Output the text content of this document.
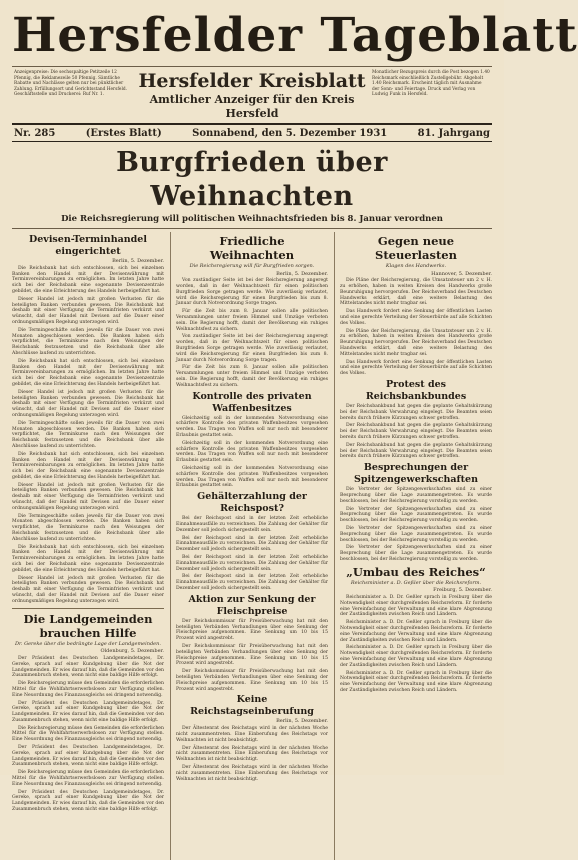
Hersfelder Tageblatt
Anzeigenpreise: Die sechsspaltige Petitzeile 12 Pfennig, die Reklamezeile 50 Pfennig. Sämtliche Rabatte und Nachlässe gelten nur bei pünktlicher Zahlung. Erfüllungsort und Gerichtsstand Hersfeld. Geschäftsstelle und Druckerei: Ruf Nr. 1.
Hersfelder Kreisblatt
Amtlicher Anzeiger für den Kreis Hersfeld
Monatlicher Bezugspreis durch die Post bezogen 1.40 Reichsmark einschließlich Zustellgebühr. Abgeholt 1.40 Reichsmark. Erscheint täglich mit Ausnahme der Sonn- und Feiertage. Druck und Verlag von Ludwig Funk in Hersfeld.
Nr. 285	(Erstes Blatt)	Sonnabend, den 5. Dezember 1931	81. Jahrgang
Burgfrieden über Weihnachten
Die Reichsregierung will politischen Weihnachtsfrieden bis 8. Januar verordnen
Devisen-Terminhandel eingerichtet
Berlin, 5. Dezember.

Die Reichsbank hat sich entschlossen, sich bei einzelnen Banken den Handel mit der Devisenwährung mit Terminvereinbarungen zu ermöglichen. Im letzten Jahre hatte sich bei der Reichsbank eine sogenannte Devisenzentrale gebildet, die eine Erleichterung des Handels herbeigeführt hat.

Dieser Handel ist jedoch mit großen Verlusten für die beteiligten Banken verbunden gewesen. Die Reichsbank hat deshalb mit einer Verfügung die Terminfristen verkürzt und wünscht, daß der Handel mit Devisen auf die Dauer einer ordnungsmäßigen Regelung unterzogen wird.

Die Termingeschäfte sollen jeweils für die Dauer von zwei Monaten abgeschlossen werden. Die Banken haben sich verpflichtet, die Terminkurse nach den Weisungen der Reichsbank festzusetzen und die Reichsbank über alle Abschlüsse laufend zu unterrichten.

Die Reichsbank hat sich entschlossen, sich bei einzelnen Banken den Handel mit der Devisenwährung mit Terminvereinbarungen zu ermöglichen. Im letzten Jahre hatte sich bei der Reichsbank eine sogenannte Devisenzentrale gebildet, die eine Erleichterung des Handels herbeigeführt hat.

Dieser Handel ist jedoch mit großen Verlusten für die beteiligten Banken verbunden gewesen. Die Reichsbank hat deshalb mit einer Verfügung die Terminfristen verkürzt und wünscht, daß der Handel mit Devisen auf die Dauer einer ordnungsmäßigen Regelung unterzogen wird.

Die Termingeschäfte sollen jeweils für die Dauer von zwei Monaten abgeschlossen werden. Die Banken haben sich verpflichtet, die Terminkurse nach den Weisungen der Reichsbank festzusetzen und die Reichsbank über alle Abschlüsse laufend zu unterrichten.

Die Reichsbank hat sich entschlossen, sich bei einzelnen Banken den Handel mit der Devisenwährung mit Terminvereinbarungen zu ermöglichen. Im letzten Jahre hatte sich bei der Reichsbank eine sogenannte Devisenzentrale gebildet, die eine Erleichterung des Handels herbeigeführt hat.

Dieser Handel ist jedoch mit großen Verlusten für die beteiligten Banken verbunden gewesen. Die Reichsbank hat deshalb mit einer Verfügung die Terminfristen verkürzt und wünscht, daß der Handel mit Devisen auf die Dauer einer ordnungsmäßigen Regelung unterzogen wird.

Die Termingeschäfte sollen jeweils für die Dauer von zwei Monaten abgeschlossen werden. Die Banken haben sich verpflichtet, die Terminkurse nach den Weisungen der Reichsbank festzusetzen und die Reichsbank über alle Abschlüsse laufend zu unterrichten.

Die Reichsbank hat sich entschlossen, sich bei einzelnen Banken den Handel mit der Devisenwährung mit Terminvereinbarungen zu ermöglichen. Im letzten Jahre hatte sich bei der Reichsbank eine sogenannte Devisenzentrale gebildet, die eine Erleichterung des Handels herbeigeführt hat.

Dieser Handel ist jedoch mit großen Verlusten für die beteiligten Banken verbunden gewesen. Die Reichsbank hat deshalb mit einer Verfügung die Terminfristen verkürzt und wünscht, daß der Handel mit Devisen auf die Dauer einer ordnungsmäßigen Regelung unterzogen wird.

Die Landgemeinden brauchen Hilfe
Dr. Gereke über die bedrängte Lage der Landgemeinden.
Oldenburg, 5. Dezember.

Der Präsident des Deutschen Landgemeindetages, Dr. Gereke, sprach auf einer Kundgebung über die Not der Landgemeinden. Er wies darauf hin, daß die Gemeinden vor den Zusammenbruch stehen, wenn nicht eine baldige Hilfe erfolgt.

Die Reichsregierung müsse den Gemeinden die erforderlichen Mittel für die Wohlfahrtserwerbslosen zur Verfügung stellen. Eine Neuordnung des Finanzausgleichs sei dringend notwendig.

Der Präsident des Deutschen Landgemeindetages, Dr. Gereke, sprach auf einer Kundgebung über die Not der Landgemeinden. Er wies darauf hin, daß die Gemeinden vor den Zusammenbruch stehen, wenn nicht eine baldige Hilfe erfolgt.

Die Reichsregierung müsse den Gemeinden die erforderlichen Mittel für die Wohlfahrtserwerbslosen zur Verfügung stellen. Eine Neuordnung des Finanzausgleichs sei dringend notwendig.

Der Präsident des Deutschen Landgemeindetages, Dr. Gereke, sprach auf einer Kundgebung über die Not der Landgemeinden. Er wies darauf hin, daß die Gemeinden vor den Zusammenbruch stehen, wenn nicht eine baldige Hilfe erfolgt.

Die Reichsregierung müsse den Gemeinden die erforderlichen Mittel für die Wohlfahrtserwerbslosen zur Verfügung stellen. Eine Neuordnung des Finanzausgleichs sei dringend notwendig.

Der Präsident des Deutschen Landgemeindetages, Dr. Gereke, sprach auf einer Kundgebung über die Not der Landgemeinden. Er wies darauf hin, daß die Gemeinden vor den Zusammenbruch stehen, wenn nicht eine baldige Hilfe erfolgt.

Friedliche Weihnachten
Die Reichsregierung will für Burgfrieden sorgen.
Berlin, 5. Dezember.

Von zuständiger Seite ist bei der Reichsregierung angeregt worden, daß in der Weihnachtszeit für einen politischen Burgfrieden Sorge getragen werde. Wie zuverlässig verlautet, wird die Reichsregierung für einen Burgfrieden bis zum 8. Januar durch Notverordnung Sorge tragen.

Für die Zeit bis zum 8. Januar sollen alle politischen Versammlungen unter freiem Himmel und Umzüge verboten sein. Die Regierung hofft, damit der Bevölkerung ein ruhiges Weihnachtsfest zu sichern.

Von zuständiger Seite ist bei der Reichsregierung angeregt worden, daß in der Weihnachtszeit für einen politischen Burgfrieden Sorge getragen werde. Wie zuverlässig verlautet, wird die Reichsregierung für einen Burgfrieden bis zum 8. Januar durch Notverordnung Sorge tragen.

Für die Zeit bis zum 8. Januar sollen alle politischen Versammlungen unter freiem Himmel und Umzüge verboten sein. Die Regierung hofft, damit der Bevölkerung ein ruhiges Weihnachtsfest zu sichern.

Kontrolle des privaten Waffenbesitzes

Gleichzeitig soll in der kommenden Notverordnung eine schärfere Kontrolle des privaten Waffenbesitzes vorgesehen werden. Das Tragen von Waffen soll nur noch mit besonderer Erlaubnis gestattet sein.

Gleichzeitig soll in der kommenden Notverordnung eine schärfere Kontrolle des privaten Waffenbesitzes vorgesehen werden. Das Tragen von Waffen soll nur noch mit besonderer Erlaubnis gestattet sein.

Gleichzeitig soll in der kommenden Notverordnung eine schärfere Kontrolle des privaten Waffenbesitzes vorgesehen werden. Das Tragen von Waffen soll nur noch mit besonderer Erlaubnis gestattet sein.

Gehälterzahlung der Reichspost?

Bei der Reichspost sind in der letzten Zeit erhebliche Einnahmeausfälle zu verzeichnen. Die Zahlung der Gehälter für Dezember soll jedoch sichergestellt sein.

Bei der Reichspost sind in der letzten Zeit erhebliche Einnahmeausfälle zu verzeichnen. Die Zahlung der Gehälter für Dezember soll jedoch sichergestellt sein.

Bei der Reichspost sind in der letzten Zeit erhebliche Einnahmeausfälle zu verzeichnen. Die Zahlung der Gehälter für Dezember soll jedoch sichergestellt sein.

Bei der Reichspost sind in der letzten Zeit erhebliche Einnahmeausfälle zu verzeichnen. Die Zahlung der Gehälter für Dezember soll jedoch sichergestellt sein.

Aktion zur Senkung der Fleischpreise

Der Reichskommissar für Preisüberwachung hat mit den beteiligten Verbänden Verhandlungen über eine Senkung der Fleischpreise aufgenommen. Eine Senkung um 10 bis 15 Prozent wird angestrebt.

Der Reichskommissar für Preisüberwachung hat mit den beteiligten Verbänden Verhandlungen über eine Senkung der Fleischpreise aufgenommen. Eine Senkung um 10 bis 15 Prozent wird angestrebt.

Der Reichskommissar für Preisüberwachung hat mit den beteiligten Verbänden Verhandlungen über eine Senkung der Fleischpreise aufgenommen. Eine Senkung um 10 bis 15 Prozent wird angestrebt.

Keine Reichstagseinberufung
Berlin, 5. Dezember.

Der Ältestenrat des Reichstags wird in der nächsten Woche nicht zusammentreten. Eine Einberufung des Reichstags vor Weihnachten ist nicht beabsichtigt.

Der Ältestenrat des Reichstags wird in der nächsten Woche nicht zusammentreten. Eine Einberufung des Reichstags vor Weihnachten ist nicht beabsichtigt.

Der Ältestenrat des Reichstags wird in der nächsten Woche nicht zusammentreten. Eine Einberufung des Reichstags vor Weihnachten ist nicht beabsichtigt.

Gegen neue Steuerlasten
Klagen des Handwerks.
Hannover, 5. Dezember.

Die Pläne der Reichsregierung, die Umsatzsteuer um 2 v. H. zu erhöhen, haben in weiten Kreisen des Handwerks große Beunruhigung hervorgerufen. Der Reichsverband des Deutschen Handwerks erklärt, daß eine weitere Belastung des Mittelstandes nicht mehr tragbar sei.

Das Handwerk fordert eine Senkung der öffentlichen Lasten und eine gerechte Verteilung der Steuerbürde auf alle Schichten des Volkes.

Die Pläne der Reichsregierung, die Umsatzsteuer um 2 v. H. zu erhöhen, haben in weiten Kreisen des Handwerks große Beunruhigung hervorgerufen. Der Reichsverband des Deutschen Handwerks erklärt, daß eine weitere Belastung des Mittelstandes nicht mehr tragbar sei.

Das Handwerk fordert eine Senkung der öffentlichen Lasten und eine gerechte Verteilung der Steuerbürde auf alle Schichten des Volkes.

Protest des Reichsbankbundes

Der Reichsbankbund hat gegen die geplante Gehaltskürzung bei der Reichsbank Verwahrung eingelegt. Die Beamten seien bereits durch frühere Kürzungen schwer getroffen.

Der Reichsbankbund hat gegen die geplante Gehaltskürzung bei der Reichsbank Verwahrung eingelegt. Die Beamten seien bereits durch frühere Kürzungen schwer getroffen.

Der Reichsbankbund hat gegen die geplante Gehaltskürzung bei der Reichsbank Verwahrung eingelegt. Die Beamten seien bereits durch frühere Kürzungen schwer getroffen.

Besprechungen der Spitzengewerkschaften

Die Vertreter der Spitzengewerkschaften sind zu einer Besprechung über die Lage zusammengetreten. Es wurde beschlossen, bei der Reichsregierung vorstellig zu werden.

Die Vertreter der Spitzengewerkschaften sind zu einer Besprechung über die Lage zusammengetreten. Es wurde beschlossen, bei der Reichsregierung vorstellig zu werden.

Die Vertreter der Spitzengewerkschaften sind zu einer Besprechung über die Lage zusammengetreten. Es wurde beschlossen, bei der Reichsregierung vorstellig zu werden.

Die Vertreter der Spitzengewerkschaften sind zu einer Besprechung über die Lage zusammengetreten. Es wurde beschlossen, bei der Reichsregierung vorstellig zu werden.

„Umbau des Reiches“
Reichsminister a. D. Geßler über die Reichsreform.
Freiburg, 5. Dezember.

Reichsminister a. D. Dr. Geßler sprach in Freiburg über die Notwendigkeit einer durchgreifenden Reichsreform. Er forderte eine Vereinfachung der Verwaltung und eine klare Abgrenzung der Zuständigkeiten zwischen Reich und Ländern.

Reichsminister a. D. Dr. Geßler sprach in Freiburg über die Notwendigkeit einer durchgreifenden Reichsreform. Er forderte eine Vereinfachung der Verwaltung und eine klare Abgrenzung der Zuständigkeiten zwischen Reich und Ländern.

Reichsminister a. D. Dr. Geßler sprach in Freiburg über die Notwendigkeit einer durchgreifenden Reichsreform. Er forderte eine Vereinfachung der Verwaltung und eine klare Abgrenzung der Zuständigkeiten zwischen Reich und Ländern.

Reichsminister a. D. Dr. Geßler sprach in Freiburg über die Notwendigkeit einer durchgreifenden Reichsreform. Er forderte eine Vereinfachung der Verwaltung und eine klare Abgrenzung der Zuständigkeiten zwischen Reich und Ländern.
